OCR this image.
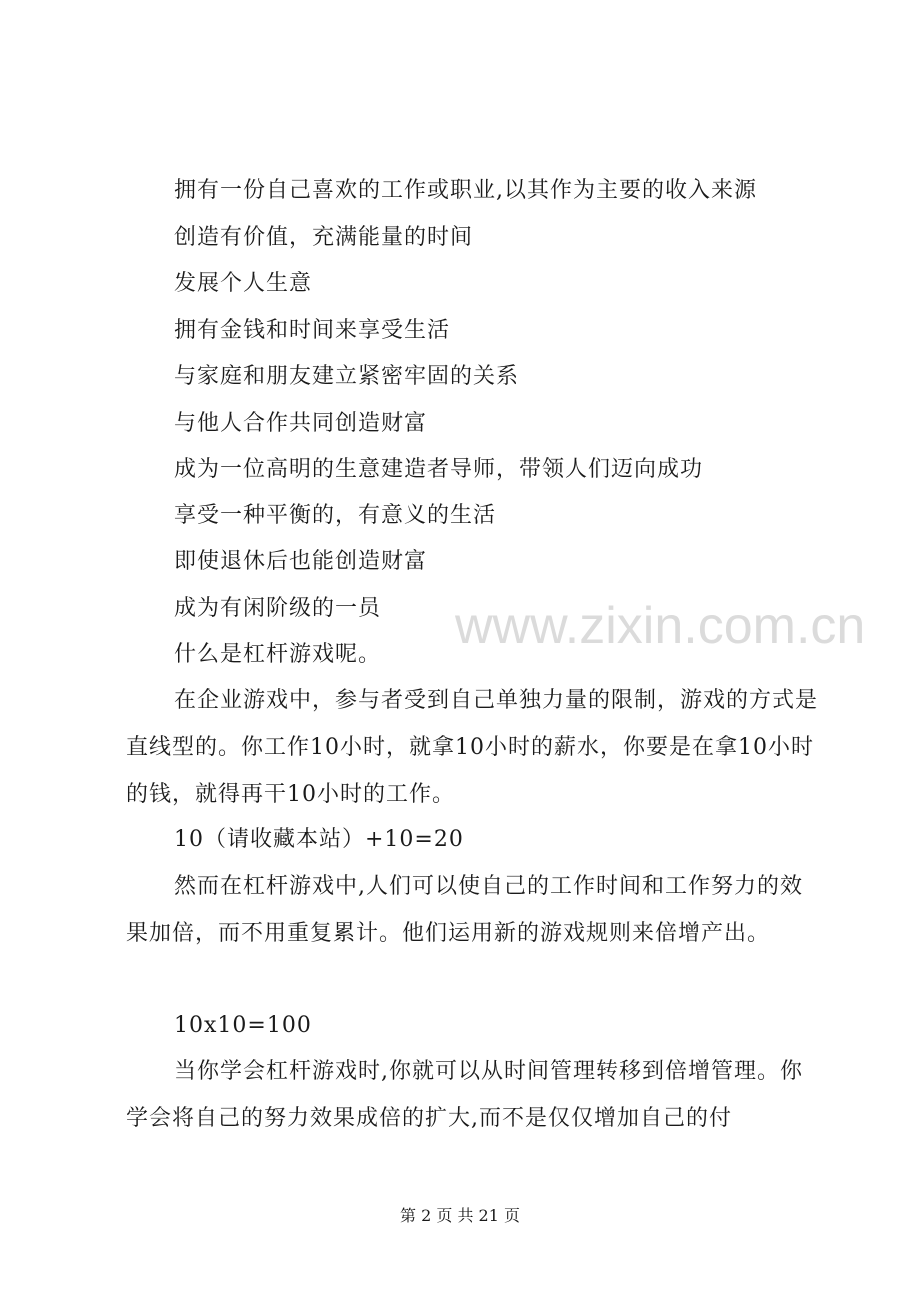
拥有一份自己喜欢的工作或职业,以其作为主要的收入来源
创造有价值，充满能量的时间
发展个人生意
拥有金钱和时间来享受生活
与家庭和朋友建立紧密牢固的关系
与他人合作共同创造财富
成为一位高明的生意建造者导师，带领人们迈向成功
享受一种平衡的，有意义的生活
即使退休后也能创造财富
成为有闲阶级的一员
什么是杠杆游戏呢。

在企业游戏中，参与者受到自己单独力量的限制，游戏的方式是直线型的。你工作10小时，就拿10小时的薪水，你要是在拿10小时的钱，就得再干10小时的工作。

10（请收藏本站）+10=20

然而在杠杆游戏中,人们可以使自己的工作时间和工作努力的效果加倍，而不用重复累计。他们运用新的游戏规则来倍增产出。

10x10=100

当你学会杠杆游戏时,你就可以从时间管理转移到倍增管理。你学会将自己的努力效果成倍的扩大,而不是仅仅增加自己的付

www.zixin.com.cn
第 2 页 共 21 页
